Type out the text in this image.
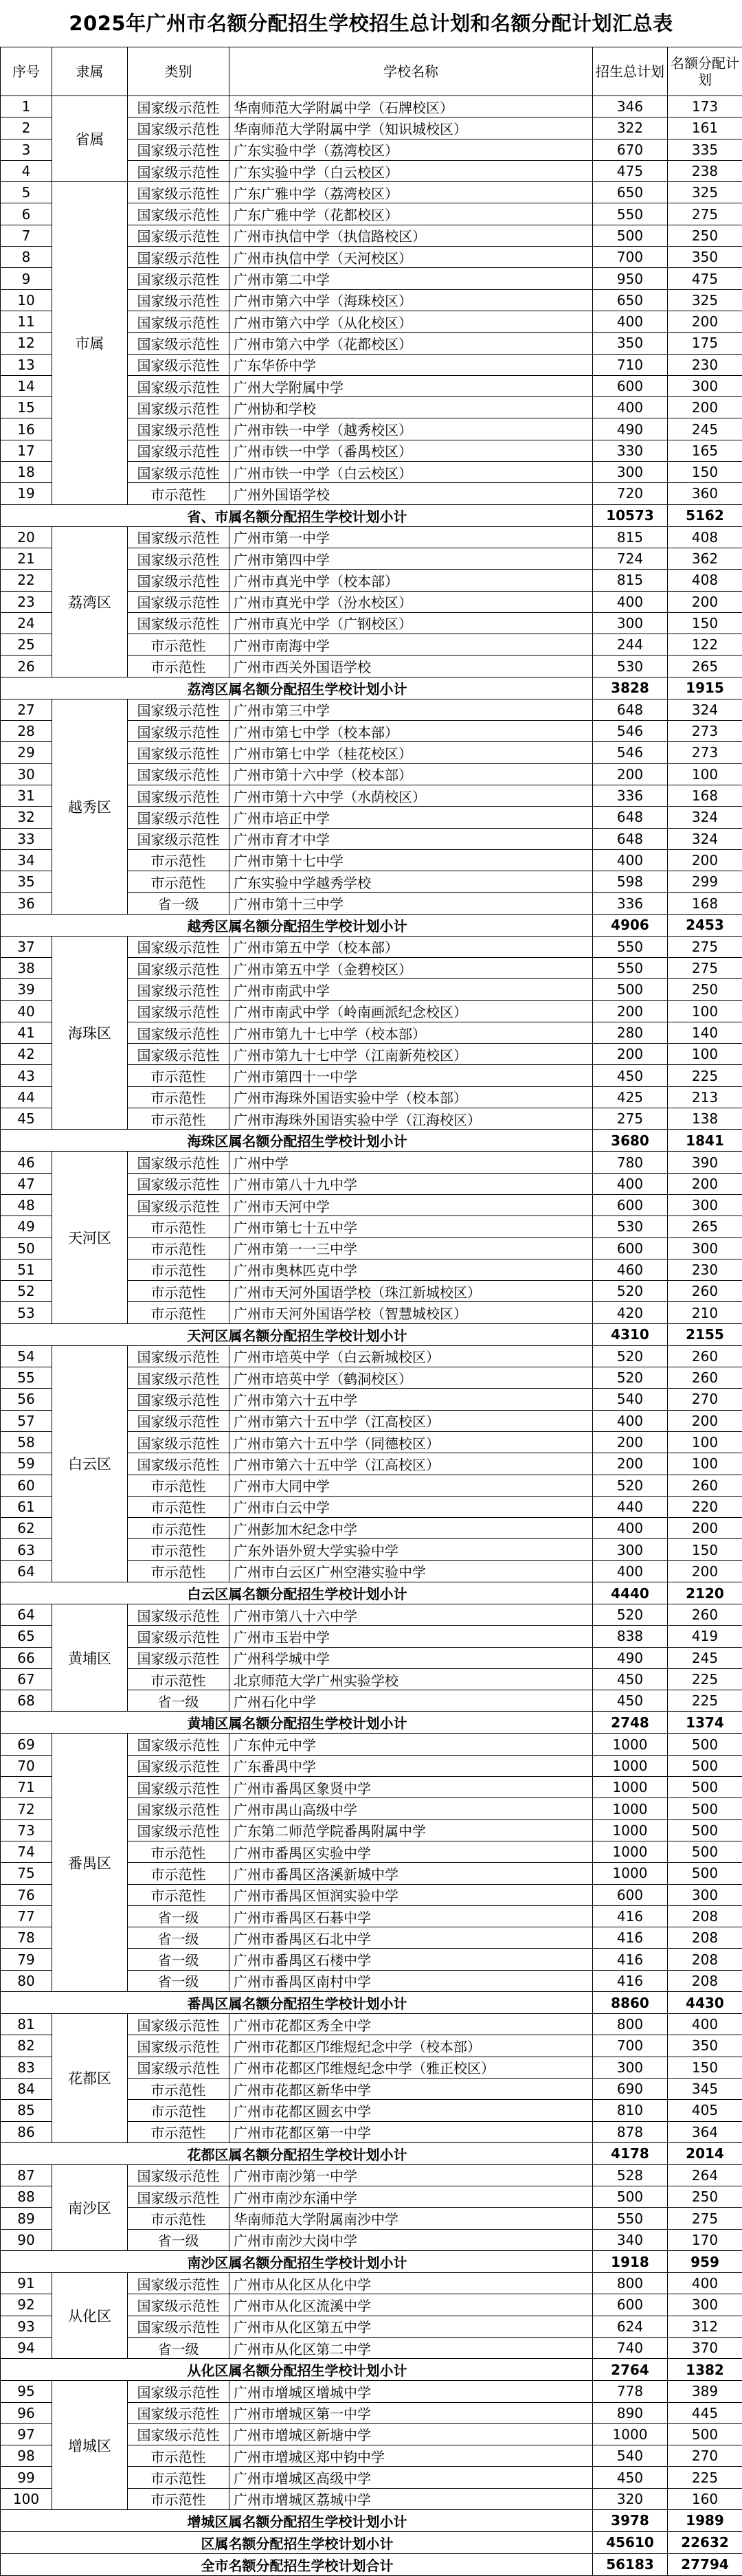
2025年广州市名额分配招生学校招生总计划和名额分配计划汇总表
序号	隶属	类别	学校名称	招生总计划	名额分配计划
1	省属	国家级示范性	华南师范大学附属中学（石牌校区）	346	173
2		国家级示范性	华南师范大学附属中学（知识城校区）	322	161
3		国家级示范性	广东实验中学（荔湾校区）	670	335
4		国家级示范性	广东实验中学（白云校区）	475	238
5	市属	国家级示范性	广东广雅中学（荔湾校区）	650	325
6		国家级示范性	广东广雅中学（花都校区）	550	275
7		国家级示范性	广州市执信中学（执信路校区）	500	250
8		国家级示范性	广州市执信中学（天河校区）	700	350
9		国家级示范性	广州市第二中学	950	475
10		国家级示范性	广州市第六中学（海珠校区）	650	325
11		国家级示范性	广州市第六中学（从化校区）	400	200
12		国家级示范性	广州市第六中学（花都校区）	350	175
13		国家级示范性	广东华侨中学	710	230
14		国家级示范性	广州大学附属中学	600	300
15		国家级示范性	广州协和学校	400	200
16		国家级示范性	广州市铁一中学（越秀校区）	490	245
17		国家级示范性	广州市铁一中学（番禺校区）	330	165
18		国家级示范性	广州市铁一中学（白云校区）	300	150
19		市示范性	广州外国语学校	720	360
省、市属名额分配招生学校计划小计				10573	5162
20	荔湾区	国家级示范性	广州市第一中学	815	408
21		国家级示范性	广州市第四中学	724	362
22		国家级示范性	广州市真光中学（校本部）	815	408
23		国家级示范性	广州市真光中学（汾水校区）	400	200
24		国家级示范性	广州市真光中学（广钢校区）	300	150
25		市示范性	广州市南海中学	244	122
26		市示范性	广州市西关外国语学校	530	265
荔湾区属名额分配招生学校计划小计				3828	1915
27	越秀区	国家级示范性	广州市第三中学	648	324
28		国家级示范性	广州市第七中学（校本部）	546	273
29		国家级示范性	广州市第七中学（桂花校区）	546	273
30		国家级示范性	广州市第十六中学（校本部）	200	100
31		国家级示范性	广州市第十六中学（水荫校区）	336	168
32		国家级示范性	广州市培正中学	648	324
33		国家级示范性	广州市育才中学	648	324
34		市示范性	广州市第十七中学	400	200
35		市示范性	广东实验中学越秀学校	598	299
36		省一级	广州市第十三中学	336	168
越秀区属名额分配招生学校计划小计				4906	2453
37	海珠区	国家级示范性	广州市第五中学（校本部）	550	275
38		国家级示范性	广州市第五中学（金碧校区）	550	275
39		国家级示范性	广州市南武中学	500	250
40		国家级示范性	广州市南武中学（岭南画派纪念校区）	200	100
41		国家级示范性	广州市第九十七中学（校本部）	280	140
42		国家级示范性	广州市第九十七中学（江南新苑校区）	200	100
43		市示范性	广州市第四十一中学	450	225
44		市示范性	广州市海珠外国语实验中学（校本部）	425	213
45		市示范性	广州市海珠外国语实验中学（江海校区）	275	138
海珠区属名额分配招生学校计划小计				3680	1841
46	天河区	国家级示范性	广州中学	780	390
47		国家级示范性	广州市第八十九中学	400	200
48		国家级示范性	广州市天河中学	600	300
49		市示范性	广州市第七十五中学	530	265
50		市示范性	广州市第一一三中学	600	300
51		市示范性	广州市奥林匹克中学	460	230
52		市示范性	广州市天河外国语学校（珠江新城校区）	520	260
53		市示范性	广州市天河外国语学校（智慧城校区）	420	210
天河区属名额分配招生学校计划小计				4310	2155
54	白云区	国家级示范性	广州市培英中学（白云新城校区）	520	260
55		国家级示范性	广州市培英中学（鹤洞校区）	520	260
56		国家级示范性	广州市第六十五中学	540	270
57		国家级示范性	广州市第六十五中学（江高校区）	400	200
58		国家级示范性	广州市第六十五中学（同德校区）	200	100
59		国家级示范性	广州市第六十五中学（江高校区）	200	100
60		市示范性	广州市大同中学	520	260
61		市示范性	广州市白云中学	440	220
62		市示范性	广州彭加木纪念中学	400	200
63		市示范性	广东外语外贸大学实验中学	300	150
64		市示范性	广州市白云区广州空港实验中学	400	200
白云区属名额分配招生学校计划小计				4440	2120
64	黄埔区	国家级示范性	广州市第八十六中学	520	260
65		国家级示范性	广州市玉岩中学	838	419
66		国家级示范性	广州科学城中学	490	245
67		市示范性	北京师范大学广州实验学校	450	225
68		省一级	广州石化中学	450	225
黄埔区属名额分配招生学校计划小计				2748	1374
69	番禺区	国家级示范性	广东仲元中学	1000	500
70		国家级示范性	广东番禺中学	1000	500
71		国家级示范性	广州市番禺区象贤中学	1000	500
72		国家级示范性	广州市禺山高级中学	1000	500
73		国家级示范性	广东第二师范学院番禺附属中学	1000	500
74		市示范性	广州市番禺区实验中学	1000	500
75		市示范性	广州市番禺区洛溪新城中学	1000	500
76		市示范性	广州市番禺区恒润实验中学	600	300
77		省一级	广州市番禺区石碁中学	416	208
78		省一级	广州市番禺区石北中学	416	208
79		省一级	广州市番禺区石楼中学	416	208
80		省一级	广州市番禺区南村中学	416	208
番禺区属名额分配招生学校计划小计				8860	4430
81	花都区	国家级示范性	广州市花都区秀全中学	800	400
82		国家级示范性	广州市花都区邝维煜纪念中学（校本部）	700	350
83		国家级示范性	广州市花都区邝维煜纪念中学（雅正校区）	300	150
84		市示范性	广州市花都区新华中学	690	345
85		市示范性	广州市花都区圆玄中学	810	405
86		市示范性	广州市花都区第一中学	878	364
花都区属名额分配招生学校计划小计				4178	2014
87	南沙区	国家级示范性	广州市南沙第一中学	528	264
88		国家级示范性	广州市南沙东涌中学	500	250
89		市示范性	华南师范大学附属南沙中学	550	275
90		省一级	广州市南沙大岗中学	340	170
南沙区属名额分配招生学校计划小计				1918	959
91	从化区	国家级示范性	广州市从化区从化中学	800	400
92		国家级示范性	广州市从化区流溪中学	600	300
93		国家级示范性	广州市从化区第五中学	624	312
94		省一级	广州市从化区第二中学	740	370
从化区属名额分配招生学校计划小计				2764	1382
95	增城区	国家级示范性	广州市增城区增城中学	778	389
96		国家级示范性	广州市增城区第一中学	890	445
97		国家级示范性	广州市增城区新塘中学	1000	500
98		市示范性	广州市增城区郑中钧中学	540	270
99		市示范性	广州市增城区高级中学	450	225
100		市示范性	广州市增城区荔城中学	320	160
增城区属名额分配招生学校计划小计				3978	1989
区属名额分配招生学校计划小计				45610	22632
全市名额分配招生学校计划合计				56183	27794
